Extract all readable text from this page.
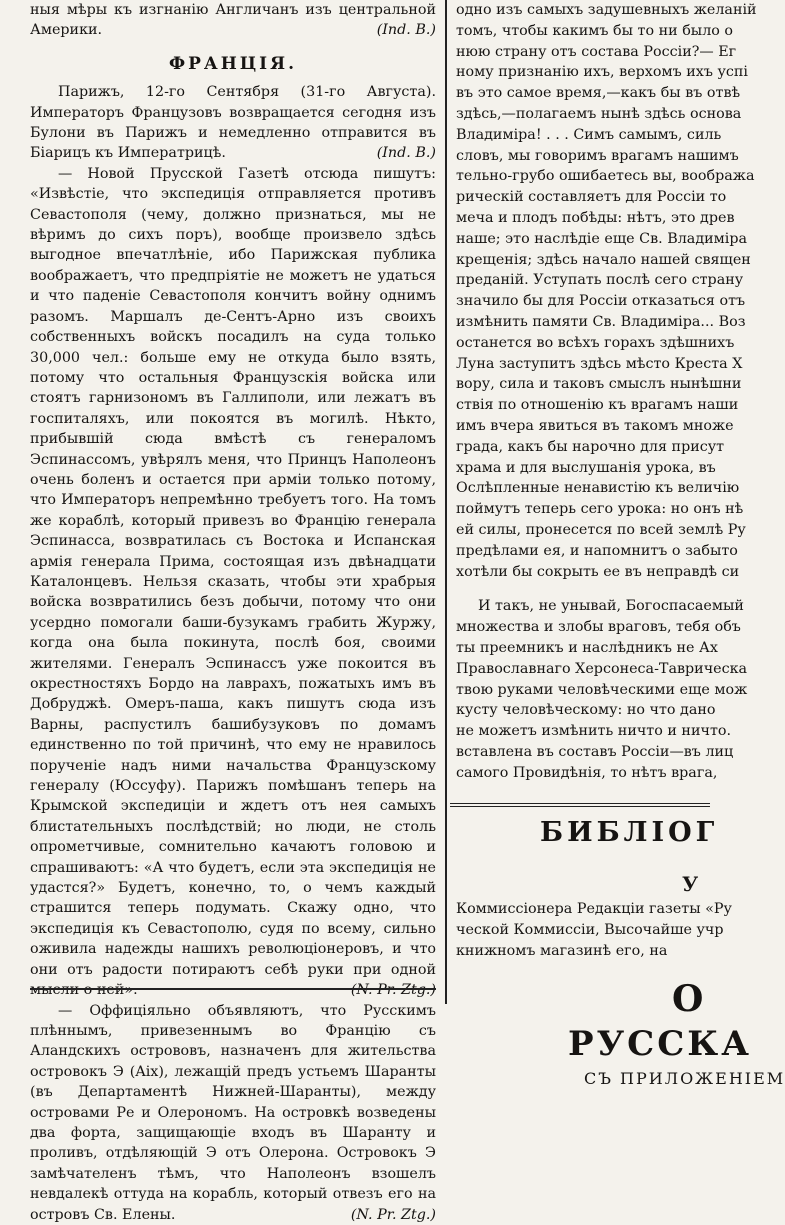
ныя мѣры къ изгнанію Англичанъ изъ центральной Америки.	(Ind. B.)

ФРАНЦІЯ.

Парижъ, 12-го Сентября (31-го Августа). Императоръ Французовъ возвращается сегодня изъ Булони въ Парижъ и немедленно отправится въ Біарицъ къ Императрицѣ.	(Ind. B.)

— Новой Прусской Газетѣ отсюда пишутъ: «Извѣстіе, что экспедиція отправляется противъ Севастополя (чему, должно признаться, мы не вѣримъ до сихъ поръ), вообще произвело здѣсь выгодное впечатлѣніе, ибо Парижская публика воображаетъ, что предпріятіе не можетъ не удаться и что паденіе Севастополя кончитъ войну однимъ разомъ. Маршалъ де-Сентъ-Арно изъ своихъ собственныхъ войскъ посадилъ на суда только 30,000 чел.: больше ему не откуда было взять, потому что остальныя Французскія войска или стоятъ гарнизономъ въ Галлиполи, или лежатъ въ госпиталяхъ, или покоятся въ могилѣ. Нѣкто, прибывшій сюда вмѣстѣ съ генераломъ Эспинассомъ, увѣрялъ меня, что Принцъ Наполеонъ очень боленъ и остается при арміи только потому, что Императоръ непремѣнно требуетъ того. На томъ же кораблѣ, который привезъ во Францію генерала Эспинасса, возвратилась съ Востока и Испанская армія генерала Прима, состоящая изъ двѣнадцати Каталонцевъ. Нельзя сказать, чтобы эти храбрыя войска возвратились безъ добычи, потому что они усердно помогали баши-бузукамъ грабить Журжу, когда она была покинута, послѣ боя, своими жителями. Генералъ Эспинассъ уже покоится въ окрестностяхъ Бордо на лаврахъ, пожатыхъ имъ въ Добруджѣ. Омеръ-паша, какъ пишутъ сюда изъ Варны, распустилъ башибузуковъ по домамъ единственно по той причинѣ, что ему не нравилось порученіе надъ ними начальства Французскому генералу (Юссуфу). Парижъ помѣшанъ теперь на Крымской экспедиціи и ждетъ отъ нея самыхъ блистательныхъ послѣдствій; но люди, не столь опрометчивые, сомнительно качаютъ головою и спрашиваютъ: «А что будетъ, если эта экспедиція не удастся?» Будетъ, конечно, то, о чемъ каждый страшится теперь подумать. Скажу одно, что экспедиція къ Севастополю, судя по всему, сильно оживила надежды нашихъ революціонеровъ, и что они отъ радости потираютъ себѣ руки при одной мысли о ней».	(N. Pr. Ztg.)

— Оффиціяльно объявляютъ, что Русскимъ плѣннымъ, привезеннымъ во Францію съ Аландскихъ острововъ, назначенъ для жительства островокъ Э (Aix), лежащій предъ устьемъ Шаранты (въ Департаментѣ Нижней-Шаранты), между островами Ре и Олерономъ. На островкѣ возведены два форта, защищающіе входъ въ Шаранту и проливъ, отдѣляющій Э отъ Олерона. Островокъ Э замѣчателенъ тѣмъ, что Наполеонъ взошелъ невдалекѣ оттуда на корабль, который отвезъ его на островъ Св. Елены.	(N. Pr. Ztg.)

одно изъ самыхъ задушевныхъ желаній
томъ, чтобы какимъ бы то ни было о
нюю страну отъ состава Россіи?— Ег
ному признанію ихъ, верхомъ ихъ успі
въ это самое время,—какъ бы въ отвѣ
здѣсь,—полагаемъ нынѣ здѣсь основа
Владиміра! . . . Симъ самымъ, силь
словъ, мы говоримъ врагамъ нашимъ
тельно-грубо ошибаетесь вы, вообража
рическій составляетъ для Россіи то
меча и плодъ побѣды: нѣтъ, это древ
наше; это наслѣдіе еще Св. Владиміра
крещенія; здѣсь начало нашей священ
преданій. Уступать послѣ сего страну
значило бы для Россіи отказаться отъ
измѣнить памяти Св. Владиміра... Воз
останется во всѣхъ горахъ здѣшнихъ
Луна заступитъ здѣсь мѣсто Креста Х
вору, сила и таковъ смыслъ нынѣшни
ствія по отношенію къ врагамъ наши
имъ вчера явиться въ такомъ множе
града, какъ бы нарочно для присут
храма и для выслушанія урока, въ
Ослѣпленные ненавистію къ величію
поймутъ теперь сего урока: но онъ нѣ
ей силы, пронесется по всей землѣ Ру
предѣлами ея, и напомнитъ о забыто
хотѣли бы сокрыть ее въ неправдѣ си
И такъ, не унывай, Богоспасаемый
множества и злобы враговъ, тебя объ
ты преемникъ и наслѣдникъ не Ах
Православнаго Херсонеса-Таврическа
твою руками человѣческими еще мож
кусту человѣческому: но что дано
не можетъ измѣнить ничто и ничто.
вставлена въ составъ Россіи—въ лиц
самого Провидѣнія, то нѣтъ врага,
БИБЛІОГ
У
Коммиссіонера Редакціи газеты «Ру
ческой Коммиссіи, Высочайше учр
книжномъ магазинѣ его, на
О
РУССКА
СЪ ПРИЛОЖЕНІЕМ
